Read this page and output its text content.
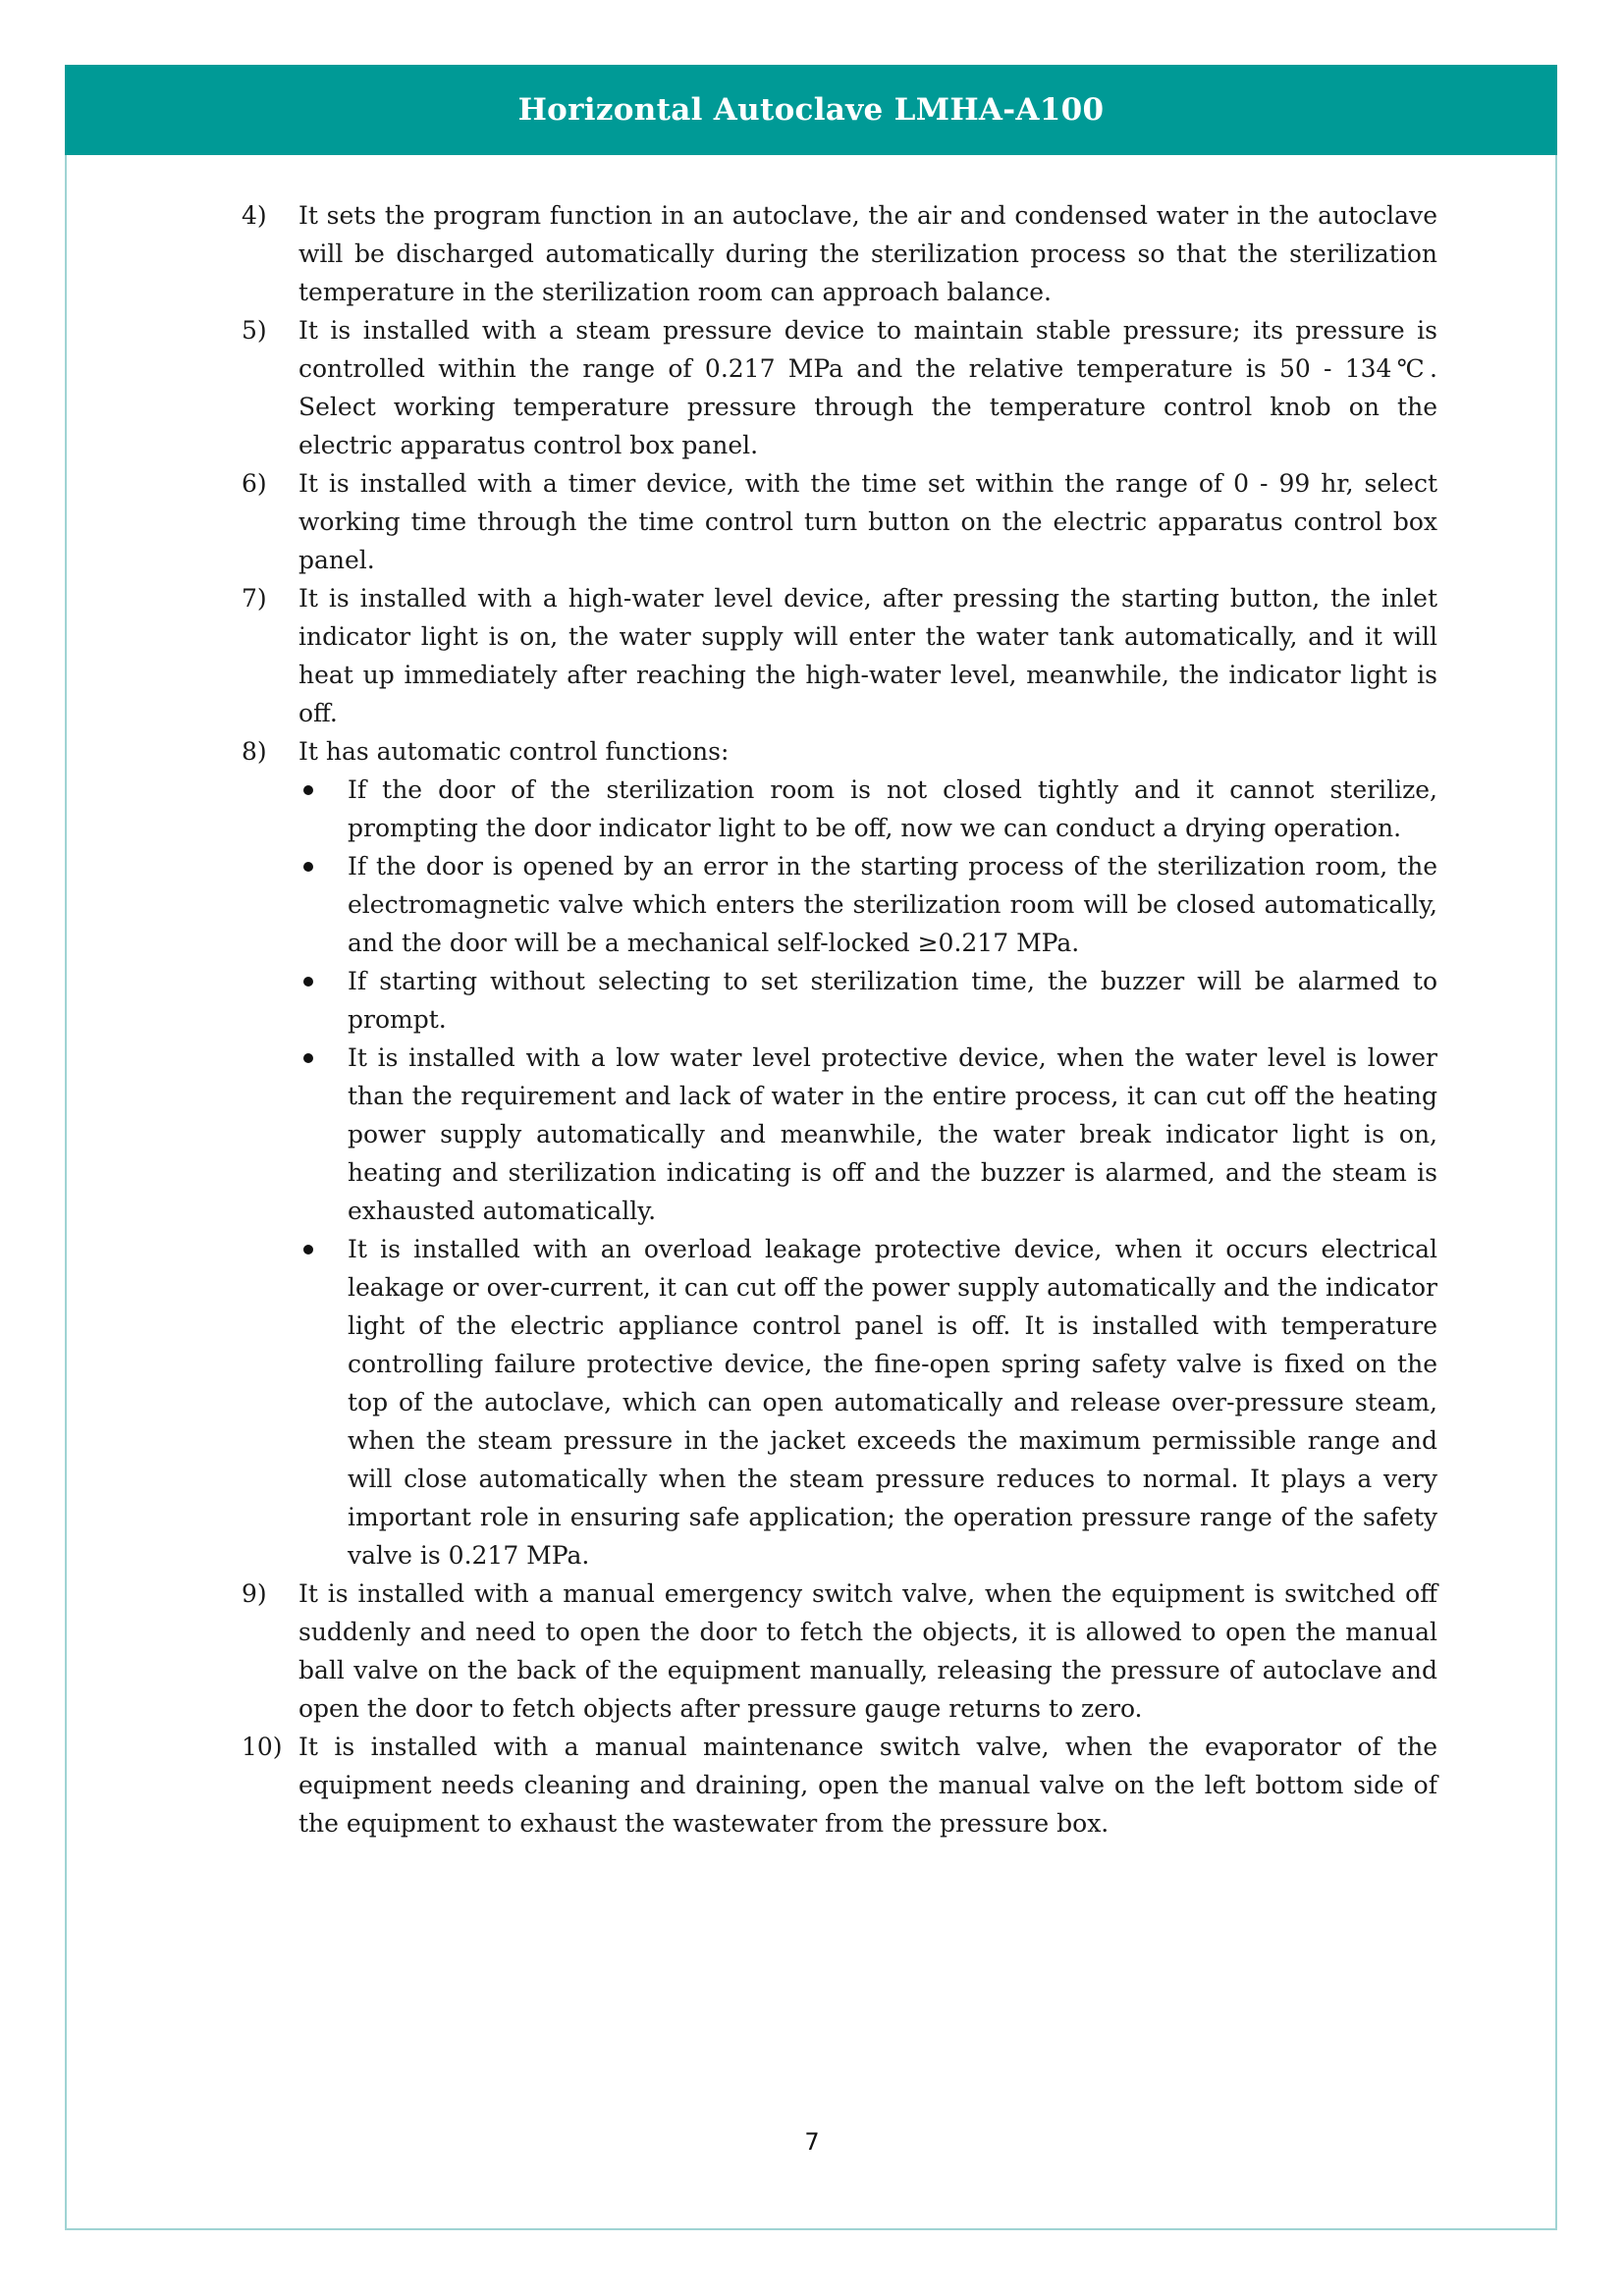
Horizontal Autoclave LMHA-A100
4) It sets the program function in an autoclave, the air and condensed water in the autoclave will be discharged automatically during the sterilization process so that the sterilization temperature in the sterilization room can approach balance.
5) It is installed with a steam pressure device to maintain stable pressure; its pressure is controlled within the range of 0.217 MPa and the relative temperature is 50 - 134℃. Select working temperature pressure through the temperature control knob on the electric apparatus control box panel.
6) It is installed with a timer device, with the time set within the range of 0 - 99 hr, select working time through the time control turn button on the electric apparatus control box panel.
7) It is installed with a high-water level device, after pressing the starting button, the inlet indicator light is on, the water supply will enter the water tank automatically, and it will heat up immediately after reaching the high-water level, meanwhile, the indicator light is off.
8) It has automatic control functions:
If the door of the sterilization room is not closed tightly and it cannot sterilize, prompting the door indicator light to be off, now we can conduct a drying operation.
If the door is opened by an error in the starting process of the sterilization room, the electromagnetic valve which enters the sterilization room will be closed automatically, and the door will be a mechanical self-locked ≥0.217 MPa.
If starting without selecting to set sterilization time, the buzzer will be alarmed to prompt.
It is installed with a low water level protective device, when the water level is lower than the requirement and lack of water in the entire process, it can cut off the heating power supply automatically and meanwhile, the water break indicator light is on, heating and sterilization indicating is off and the buzzer is alarmed, and the steam is exhausted automatically.
It is installed with an overload leakage protective device, when it occurs electrical leakage or over-current, it can cut off the power supply automatically and the indicator light of the electric appliance control panel is off. It is installed with temperature controlling failure protective device, the fine-open spring safety valve is fixed on the top of the autoclave, which can open automatically and release over-pressure steam, when the steam pressure in the jacket exceeds the maximum permissible range and will close automatically when the steam pressure reduces to normal. It plays a very important role in ensuring safe application; the operation pressure range of the safety valve is 0.217 MPa.
9) It is installed with a manual emergency switch valve, when the equipment is switched off suddenly and need to open the door to fetch the objects, it is allowed to open the manual ball valve on the back of the equipment manually, releasing the pressure of autoclave and open the door to fetch objects after pressure gauge returns to zero.
10) It is installed with a manual maintenance switch valve, when the evaporator of the equipment needs cleaning and draining, open the manual valve on the left bottom side of the equipment to exhaust the wastewater from the pressure box.
7
